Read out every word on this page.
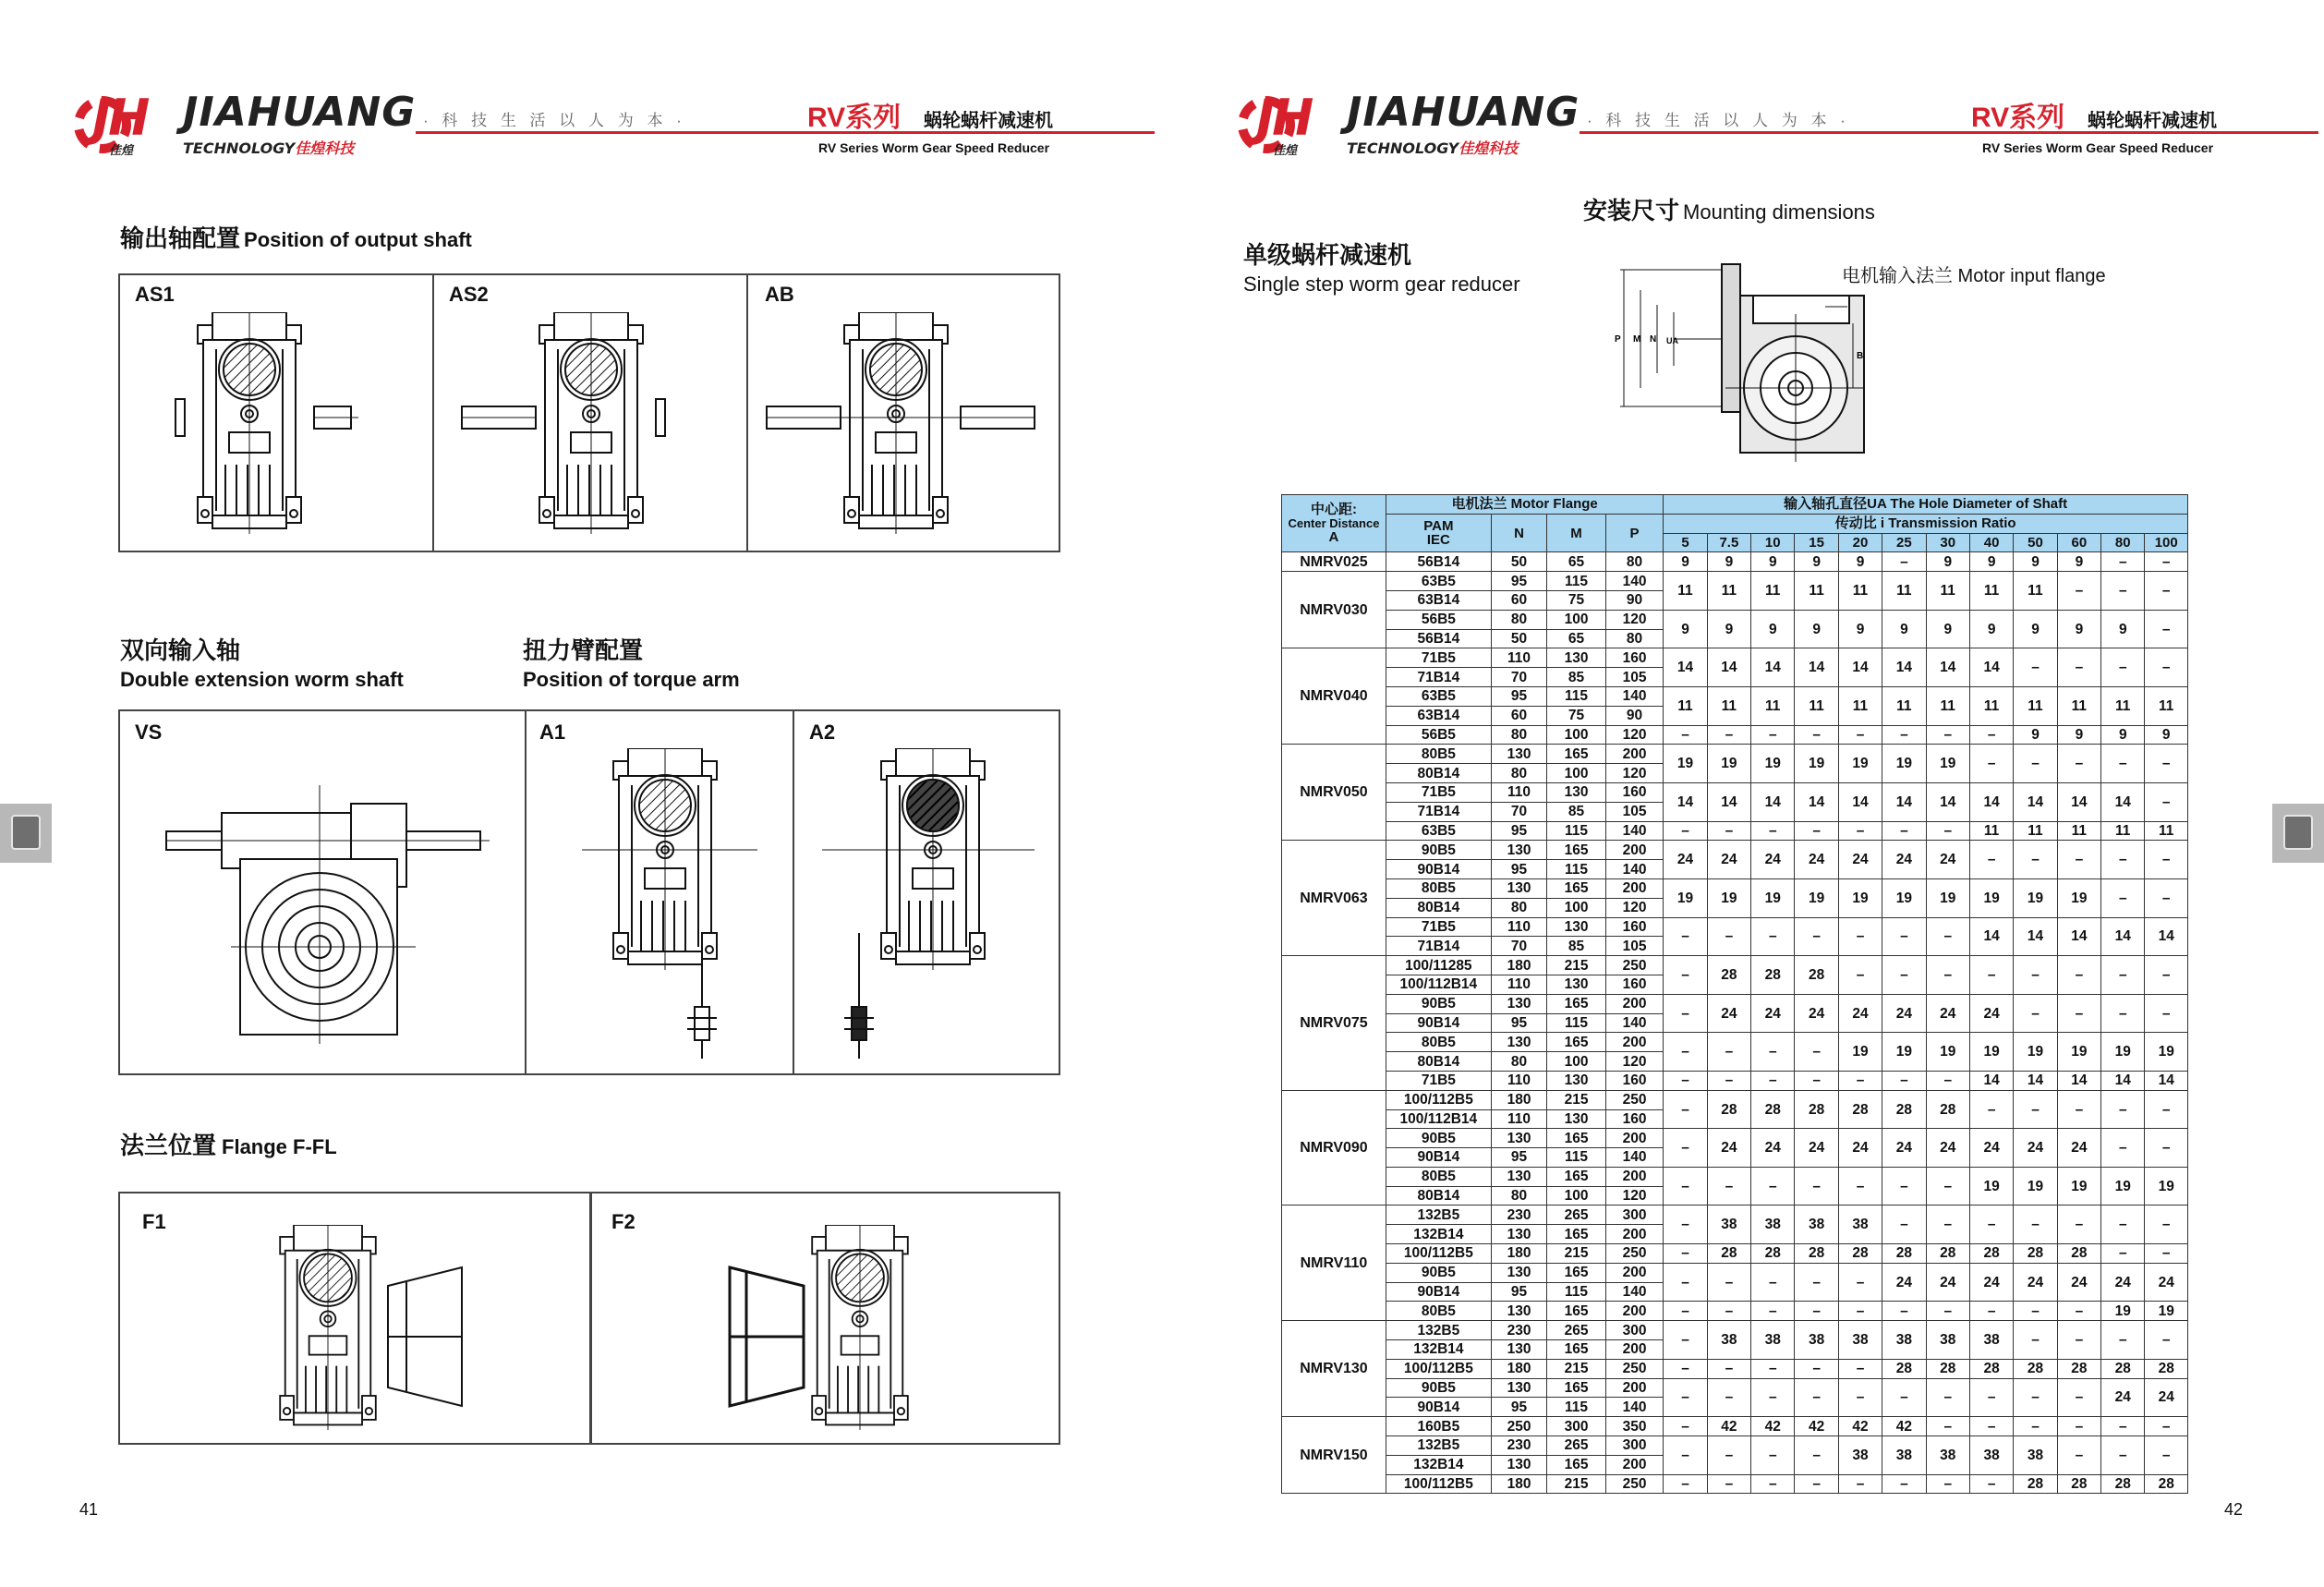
JH JIAHUANG
佳煌	TECHNOLOGY佳煌科技
· 科 技 生 活 以 人 为 本 ·	RV系列 蜗轮蜗杆减速机
RV Series Worm Gear Speed Reducer
输出轴配置 Position of output shaft
AS1	AS2	AB
双向输入轴
Double extension worm shaft
扭力臂配置
Position of torque arm
VS	A1	A2
法兰位置 Flange F-FL
F1	F2
41
JH JIAHUANG
佳煌	TECHNOLOGY佳煌科技
· 科 技 生 活 以 人 为 本 ·	RV系列 蜗轮蜗杆减速机
RV Series Worm Gear Speed Reducer
安装尺寸 Mounting dimensions
单级蜗杆减速机
Single step worm gear reducer	电机输入法兰 Motor input flange
P M N UA
B
42
中心距:
Center Distance
A	电机法兰 Motor Flange				输入轴孔直径UA The Hole Diameter of Shaft											

	PAM
IEC	N	M	P	传动比 i Transmission Ratio											
					5	7.5	10	15	20	25	30	40	50	60	80	100
NMRV025	56B14	50	65	80	9	9	9	9	9	–	9	9	9	9	–	–
NMRV030	63B5	95	115	140	11	11	11	11	11	11	11	11	11	–	–	–
	63B14	60	75	90												
	56B5	80	100	120	9	9	9	9	9	9	9	9	9	9	9	–
	56B14	50	65	80												
NMRV040	71B5	110	130	160	14	14	14	14	14	14	14	14	–	–	–	–
	71B14	70	85	105												
	63B5	95	115	140	11	11	11	11	11	11	11	11	11	11	11	11
	63B14	60	75	90												
	56B5	80	100	120	–	–	–	–	–	–	–	–	9	9	9	9
NMRV050	80B5	130	165	200	19	19	19	19	19	19	19	–	–	–	–	–
	80B14	80	100	120												
	71B5	110	130	160	14	14	14	14	14	14	14	14	14	14	14	–
	71B14	70	85	105												
	63B5	95	115	140	–	–	–	–	–	–	–	11	11	11	11	11
NMRV063	90B5	130	165	200	24	24	24	24	24	24	24	–	–	–	–	–
	90B14	95	115	140												
	80B5	130	165	200	19	19	19	19	19	19	19	19	19	19	–	–
	80B14	80	100	120												
	71B5	110	130	160	–	–	–	–	–	–	–	14	14	14	14	14
	71B14	70	85	105												
NMRV075	100/11285	180	215	250	–	28	28	28	–	–	–	–	–	–	–	–
	100/112B14	110	130	160												
	90B5	130	165	200	–	24	24	24	24	24	24	24	–	–	–	–
	90B14	95	115	140												
	80B5	130	165	200	–	–	–	–	19	19	19	19	19	19	19	19
	80B14	80	100	120												
	71B5	110	130	160	–	–	–	–	–	–	–	14	14	14	14	14
NMRV090	100/112B5	180	215	250	–	28	28	28	28	28	28	–	–	–	–	–
	100/112B14	110	130	160												
	90B5	130	165	200	–	24	24	24	24	24	24	24	24	24	–	–
	90B14	95	115	140												
	80B5	130	165	200	–	–	–	–	–	–	–	19	19	19	19	19
	80B14	80	100	120												
NMRV110	132B5	230	265	300	–	38	38	38	38	–	–	–	–	–	–	–
	132B14	130	165	200												
	100/112B5	180	215	250	–	28	28	28	28	28	28	28	28	28	–	–
	90B5	130	165	200	–	–	–	–	–	24	24	24	24	24	24	24
	90B14	95	115	140												
	80B5	130	165	200	–	–	–	–	–	–	–	–	–	–	19	19
NMRV130	132B5	230	265	300	–	38	38	38	38	38	38	38	–	–	–	–
	132B14	130	165	200												
	100/112B5	180	215	250	–	–	–	–	–	28	28	28	28	28	28	28
	90B5	130	165	200	–	–	–	–	–	–	–	–	–	–	24	24
	90B14	95	115	140												
NMRV150	160B5	250	300	350	–	42	42	42	42	42	–	–	–	–	–	–
	132B5	230	265	300	–	–	–	–	38	38	38	38	38	–	–	–
	132B14	130	165	200												
	100/112B5	180	215	250	–	–	–	–	–	–	–	–	28	28	28	28
